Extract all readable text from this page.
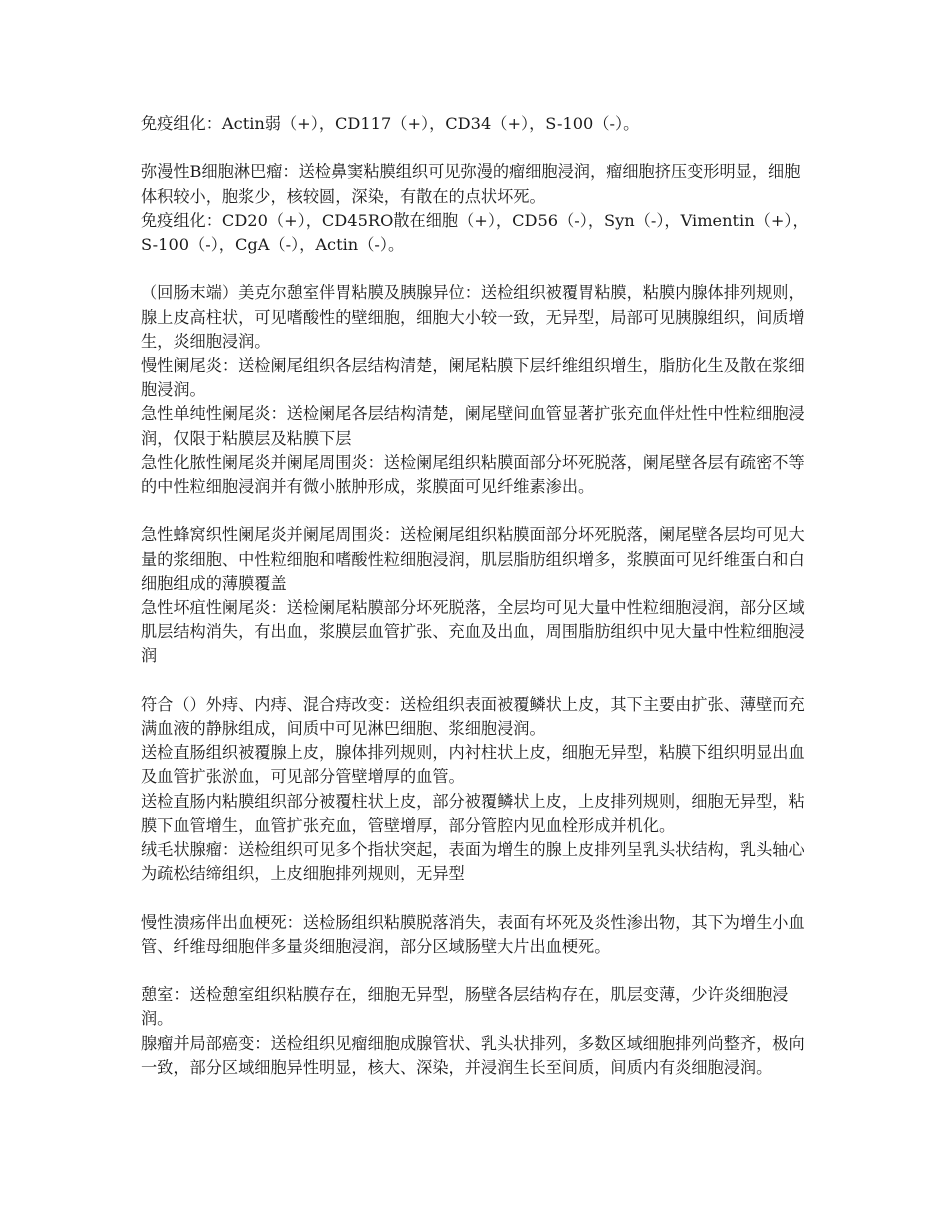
免疫组化：Actin弱（+），CD117（+），CD34（+），S-100（-）。

弥漫性B细胞淋巴瘤：送检鼻窦粘膜组织可见弥漫的瘤细胞浸润，瘤细胞挤压变形明显，细胞体积较小，胞浆少，核较圆，深染，有散在的点状坏死。

免疫组化：CD20（+），CD45RO散在细胞（+），CD56（-），Syn（-），Vimentin（+），S-100（-），CgA（-），Actin（-）。

（回肠末端）美克尔憩室伴胃粘膜及胰腺异位：送检组织被覆胃粘膜，粘膜内腺体排列规则，腺上皮高柱状，可见嗜酸性的壁细胞，细胞大小较一致，无异型，局部可见胰腺组织，间质增生，炎细胞浸润。

慢性阑尾炎：送检阑尾组织各层结构清楚，阑尾粘膜下层纤维组织增生，脂肪化生及散在浆细胞浸润。

急性单纯性阑尾炎：送检阑尾各层结构清楚，阑尾壁间血管显著扩张充血伴灶性中性粒细胞浸润，仅限于粘膜层及粘膜下层

急性化脓性阑尾炎并阑尾周围炎：送检阑尾组织粘膜面部分坏死脱落，阑尾壁各层有疏密不等的中性粒细胞浸润并有微小脓肿形成，浆膜面可见纤维素渗出。

急性蜂窝织性阑尾炎并阑尾周围炎：送检阑尾组织粘膜面部分坏死脱落，阑尾壁各层均可见大量的浆细胞、中性粒细胞和嗜酸性粒细胞浸润，肌层脂肪组织增多，浆膜面可见纤维蛋白和白细胞组成的薄膜覆盖

急性坏疽性阑尾炎：送检阑尾粘膜部分坏死脱落，全层均可见大量中性粒细胞浸润，部分区域肌层结构消失，有出血，浆膜层血管扩张、充血及出血，周围脂肪组织中见大量中性粒细胞浸润

符合（）外痔、内痔、混合痔改变：送检组织表面被覆鳞状上皮，其下主要由扩张、薄壁而充满血液的静脉组成，间质中可见淋巴细胞、浆细胞浸润。

送检直肠组织被覆腺上皮，腺体排列规则，内衬柱状上皮，细胞无异型，粘膜下组织明显出血及血管扩张淤血，可见部分管壁增厚的血管。

送检直肠内粘膜组织部分被覆柱状上皮，部分被覆鳞状上皮，上皮排列规则，细胞无异型，粘膜下血管增生，血管扩张充血，管壁增厚，部分管腔内见血栓形成并机化。

绒毛状腺瘤：送检组织可见多个指状突起，表面为增生的腺上皮排列呈乳头状结构，乳头轴心为疏松结缔组织，上皮细胞排列规则，无异型

慢性溃疡伴出血梗死：送检肠组织粘膜脱落消失，表面有坏死及炎性渗出物，其下为增生小血管、纤维母细胞伴多量炎细胞浸润，部分区域肠壁大片出血梗死。

憩室：送检憩室组织粘膜存在，细胞无异型，肠壁各层结构存在，肌层变薄，少许炎细胞浸润。

腺瘤并局部癌变：送检组织见瘤细胞成腺管状、乳头状排列，多数区域细胞排列尚整齐，极向一致，部分区域细胞异性明显，核大、深染，并浸润生长至间质，间质内有炎细胞浸润。
